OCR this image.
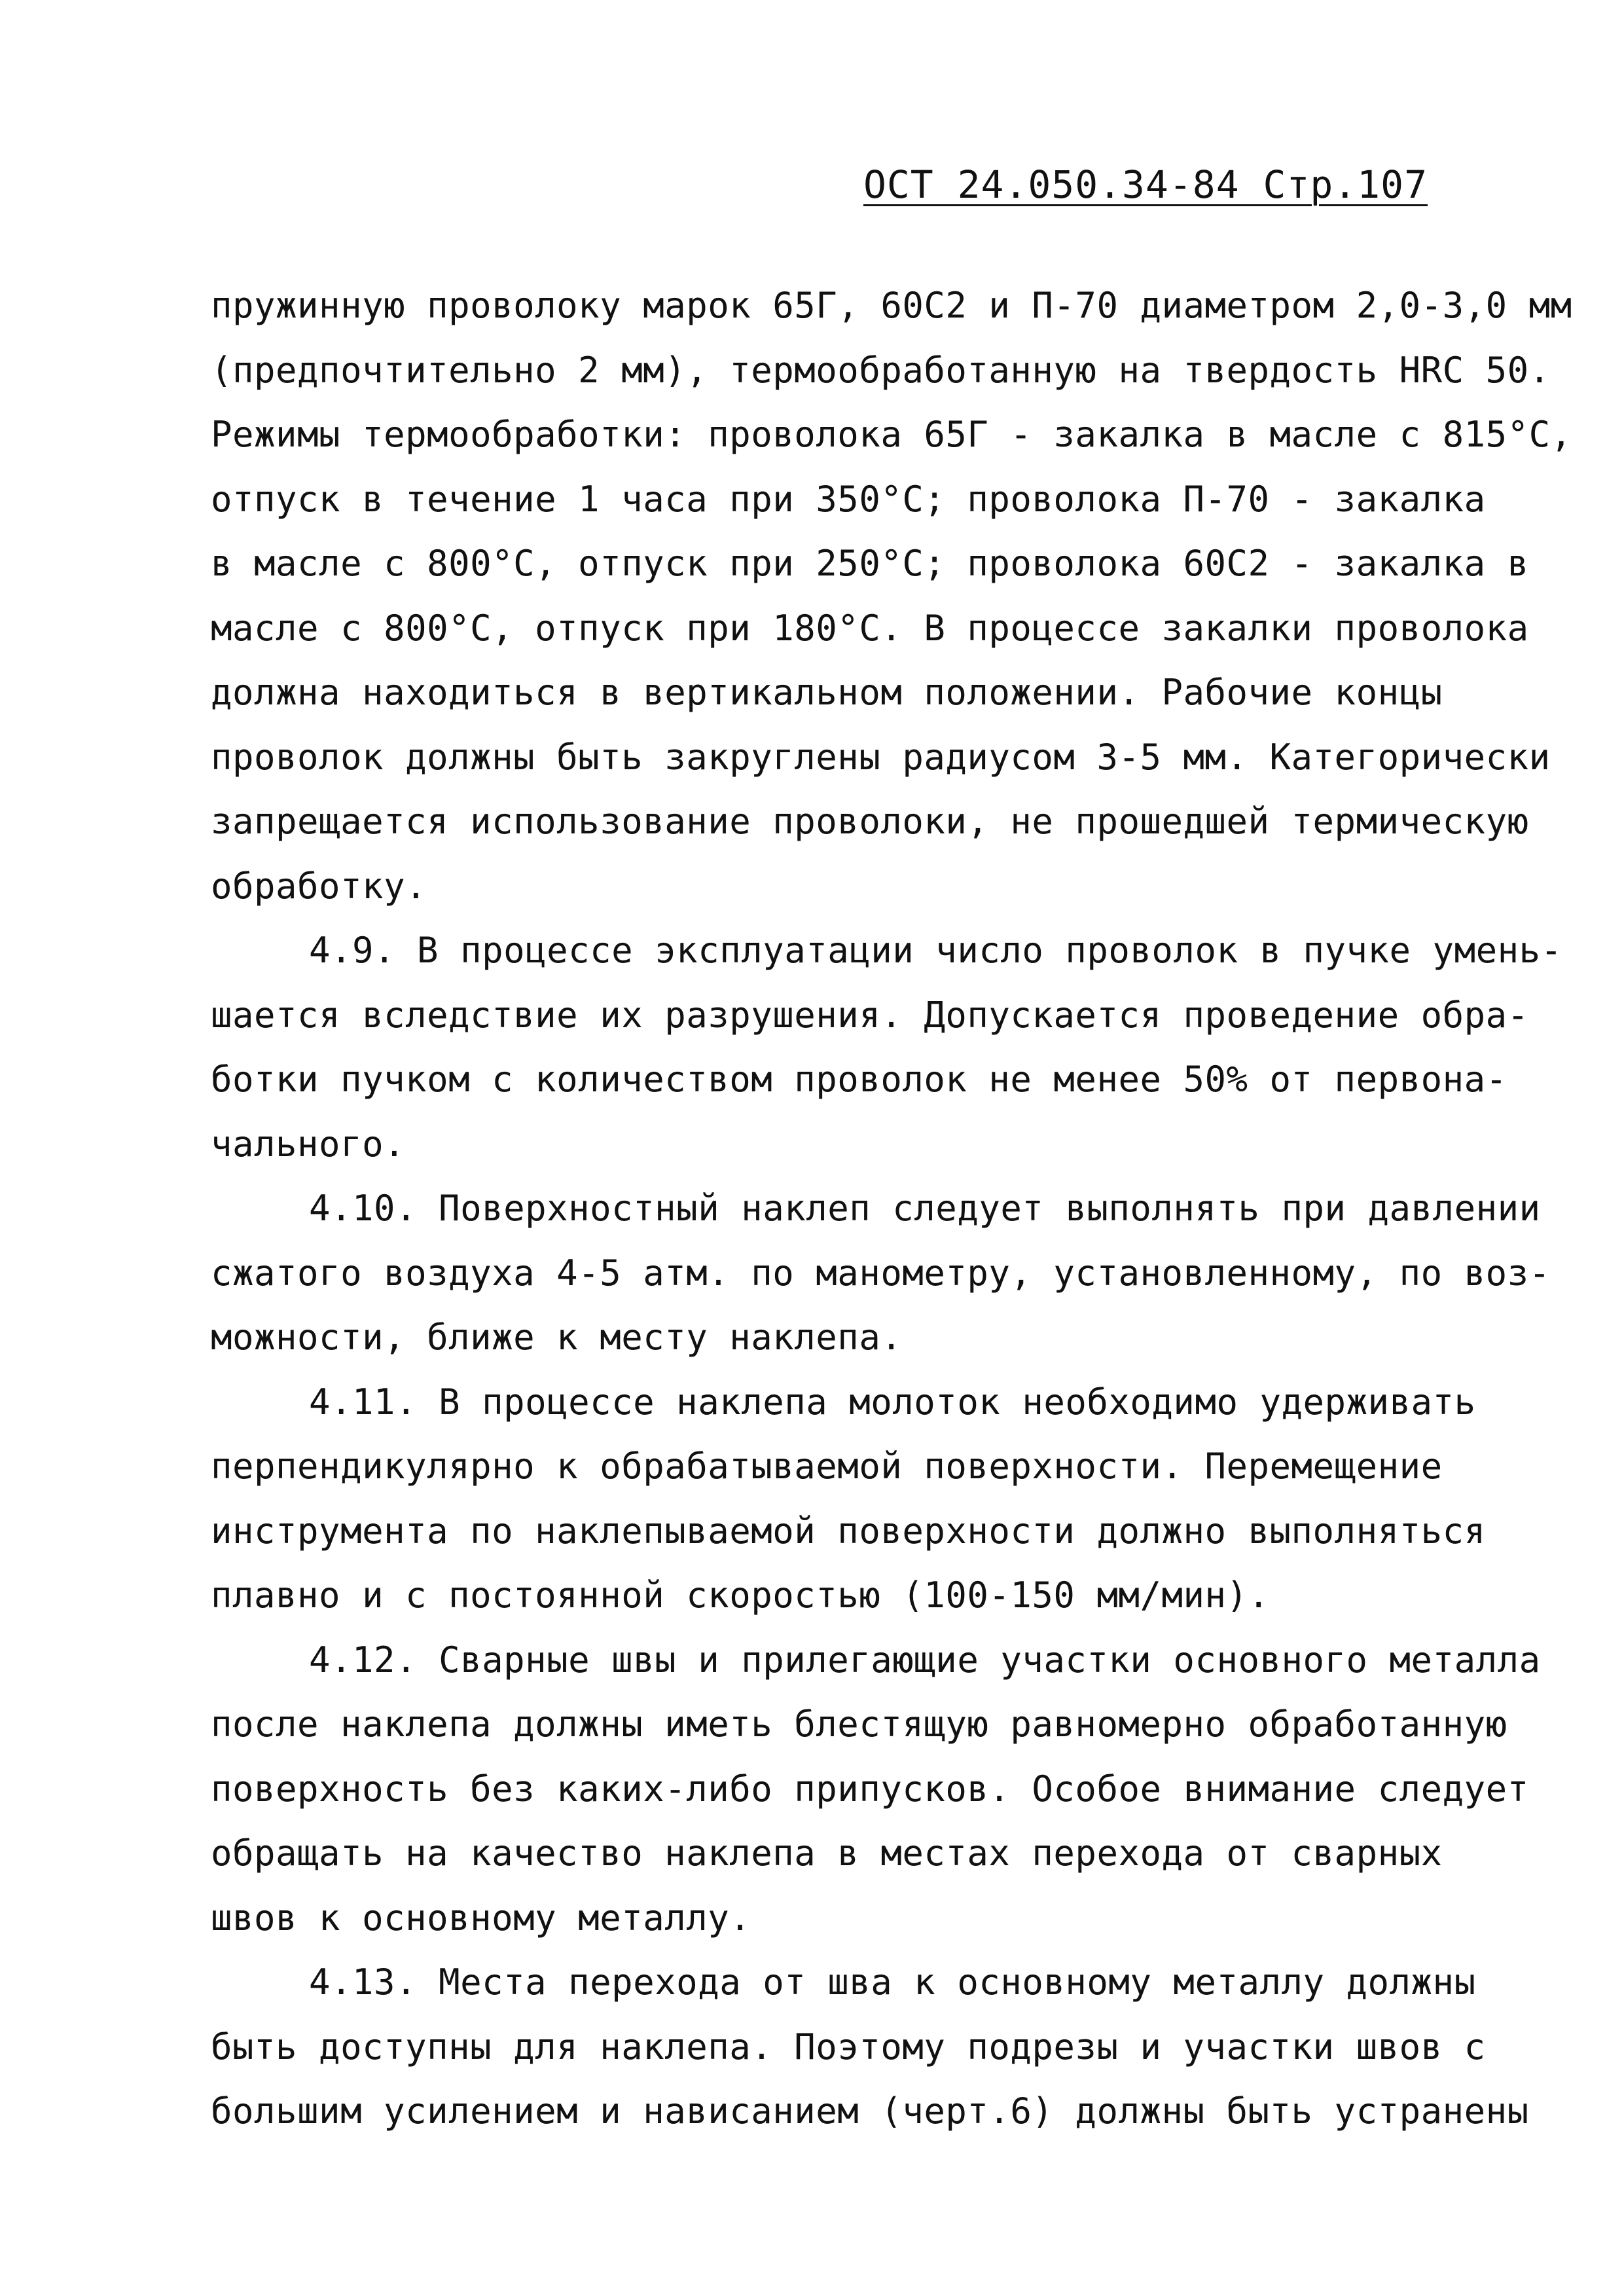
ОСТ 24.050.34-84 Стр.107
пружинную проволоку марок 65Г, 60С2 и П-70 диаметром 2,0-3,0 мм
(предпочтительно 2 мм), термообработанную на твердость HRC 50.
Режимы термообработки: проволока 65Г - закалка в масле с 815°С,
отпуск в течение 1 часа при 350°С; проволока П-70 - закалка
в масле с 800°С, отпуск при 250°С; проволока 60С2 - закалка в
масле с 800°С, отпуск при 180°С. В процессе закалки проволока
должна находиться в вертикальном положении. Рабочие концы
проволок должны быть закруглены радиусом 3-5 мм. Категорически
запрещается использование проволоки, не прошедшей термическую
обработку.
4.9. В процессе эксплуатации число проволок в пучке умень-
шается вследствие их разрушения. Допускается проведение обра-
ботки пучком с количеством проволок не менее 50% от первона-
чального.
4.10. Поверхностный наклеп следует выполнять при давлении
сжатого воздуха 4-5 атм. по манометру, установленному, по воз-
можности, ближе к месту наклепа.
4.11. В процессе наклепа молоток необходимо удерживать
перпендикулярно к обрабатываемой поверхности. Перемещение
инструмента по наклепываемой поверхности должно выполняться
плавно и с постоянной скоростью (100-150 мм/мин).
4.12. Сварные швы и прилегающие участки основного металла
после наклепа должны иметь блестящую равномерно обработанную
поверхность без каких-либо припусков. Особое внимание следует
обращать на качество наклепа в местах перехода от сварных
швов к основному металлу.
4.13. Места перехода от шва к основному металлу должны
быть доступны для наклепа. Поэтому подрезы и участки швов с
большим усилением и нависанием (черт.6) должны быть устранены
